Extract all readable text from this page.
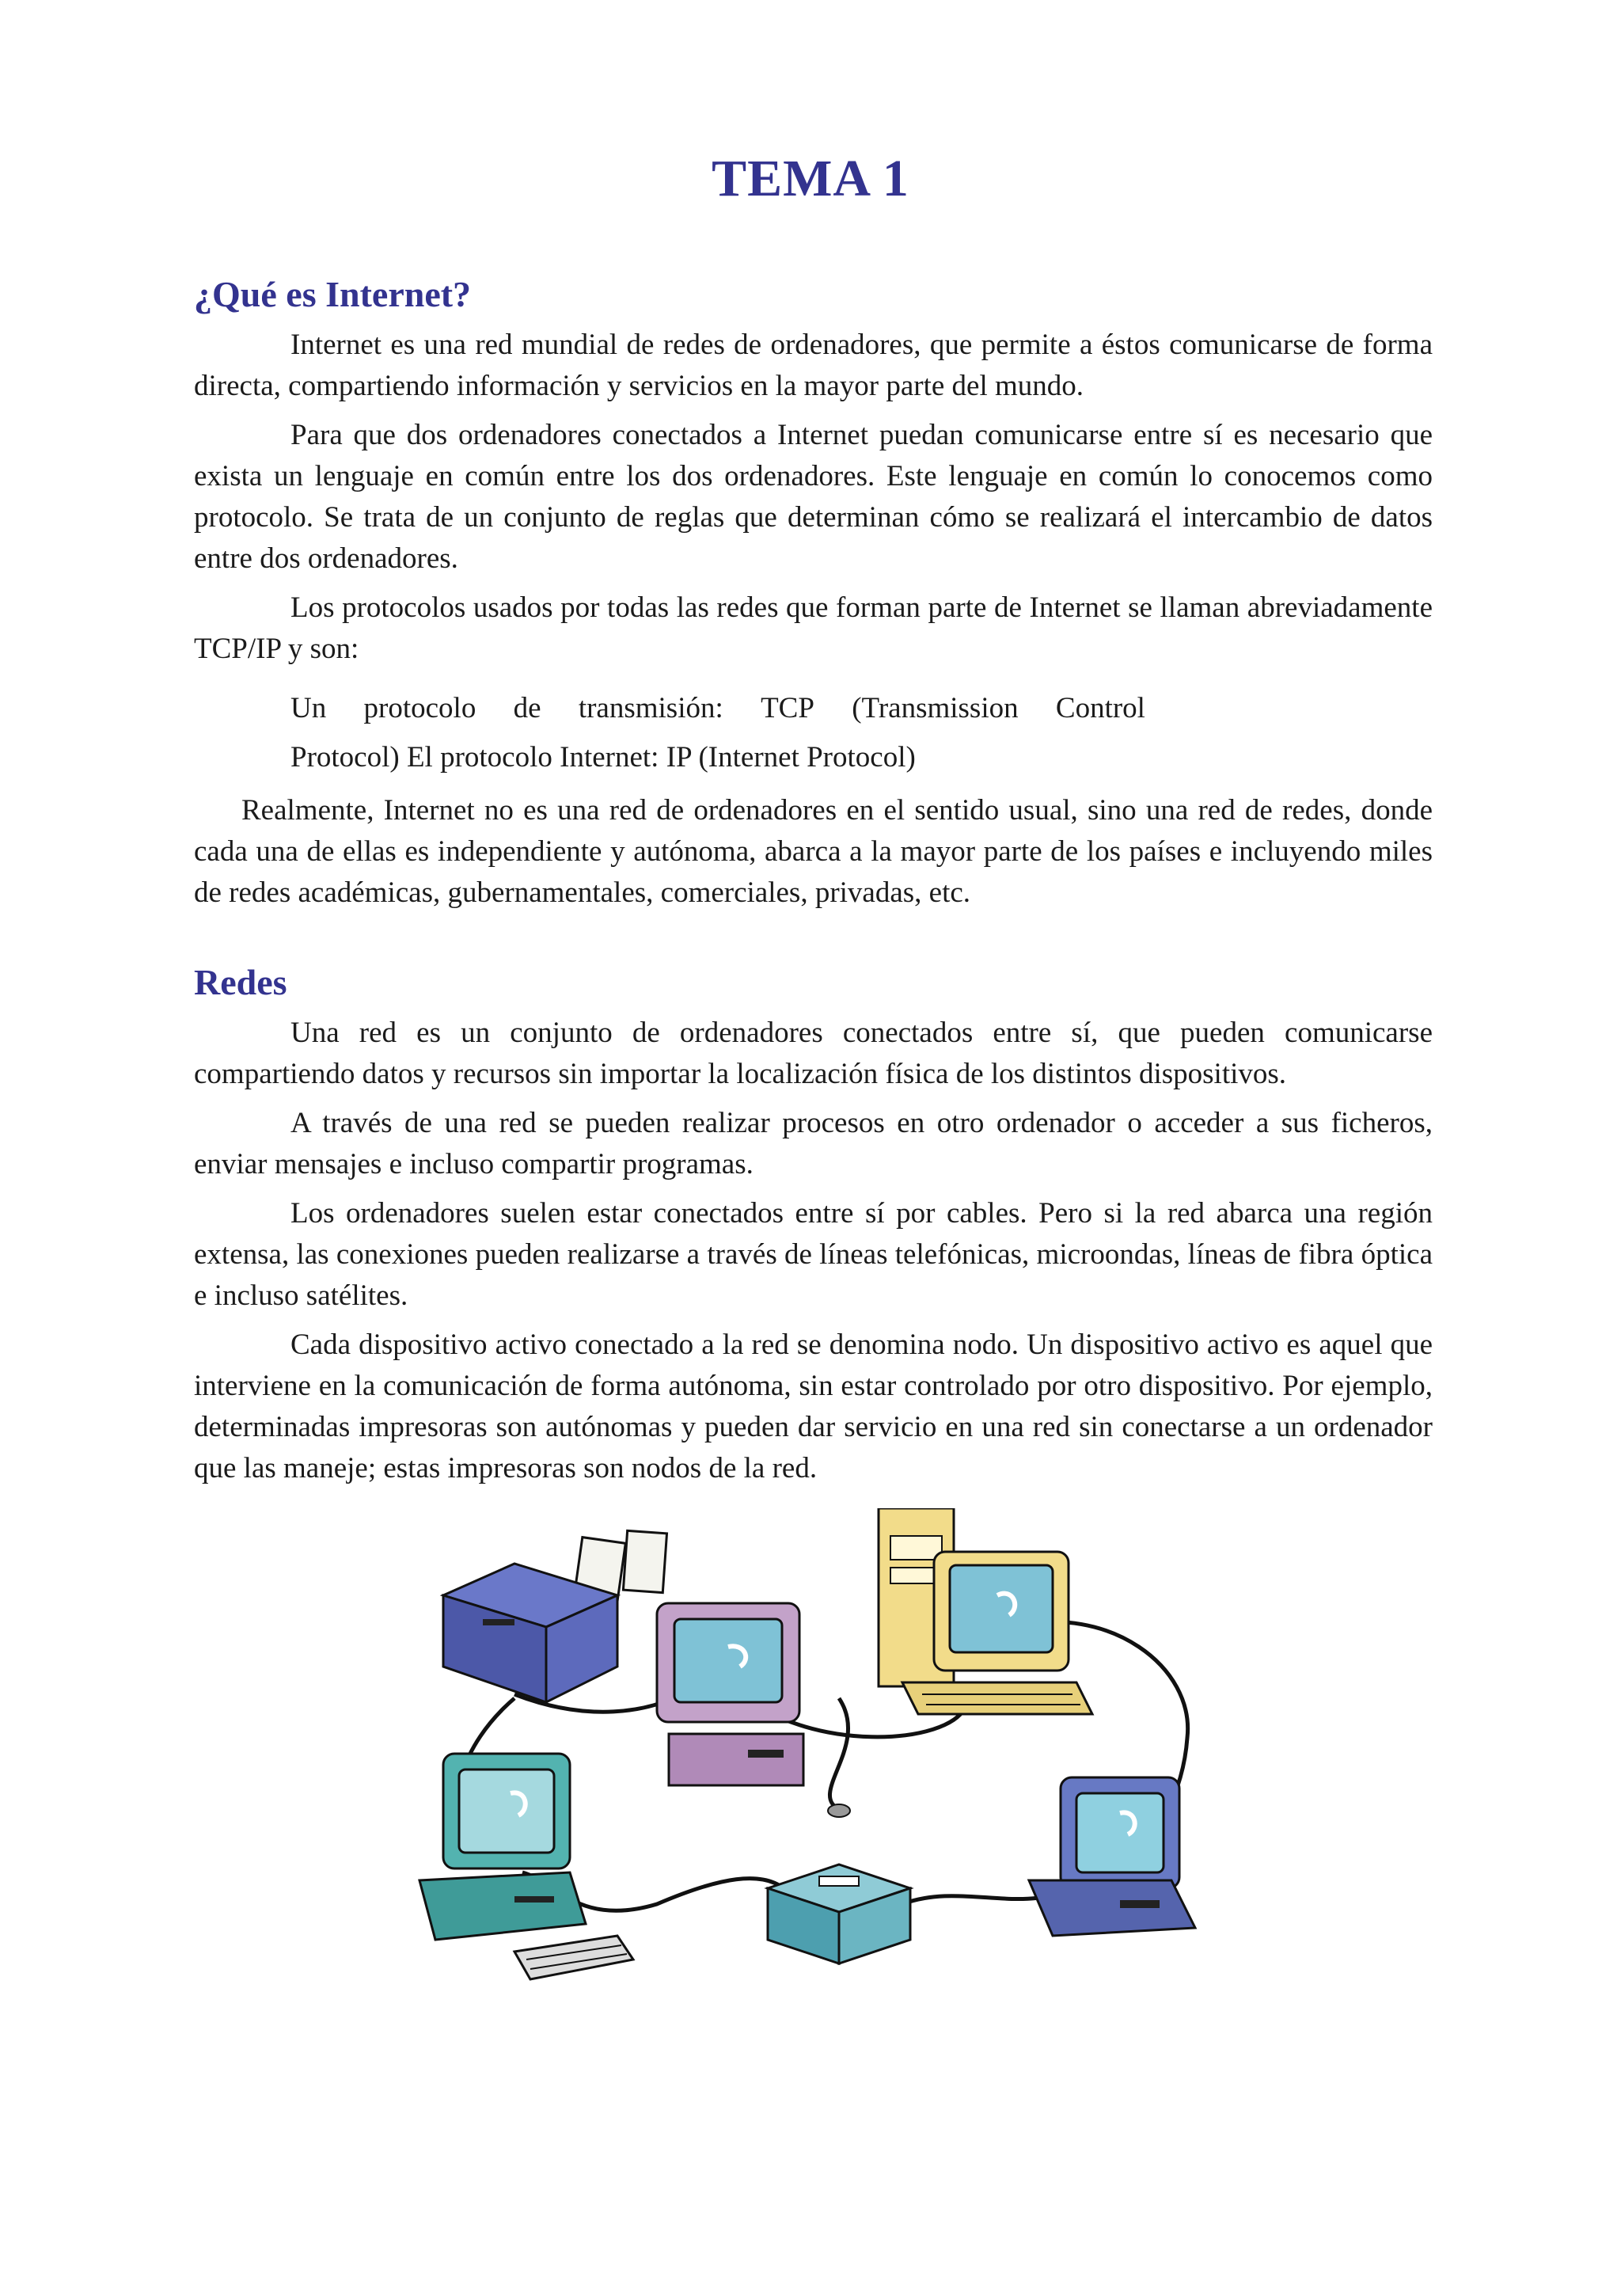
TEMA 1
¿Qué es Internet?

Internet es una red mundial de redes de ordenadores, que permite a éstos comunicarse de forma directa, compartiendo información y servicios en la mayor parte del mundo.

Para que dos ordenadores conectados a Internet puedan comunicarse entre sí es necesario que exista un lenguaje en común entre los dos ordenadores. Este lenguaje en común lo conocemos como protocolo. Se trata de un conjunto de reglas que determinan cómo se realizará el intercambio de datos entre dos ordenadores.

Los protocolos usados por todas las redes que forman parte de Internet se llaman abreviadamente TCP/IP y son:

Un protocolo de transmisión: TCP (Transmission Control
Protocol) El protocolo Internet: IP (Internet Protocol)

Realmente, Internet no es una red de ordenadores en el sentido usual, sino una red de redes, donde cada una de ellas es independiente y autónoma, abarca a la mayor parte de los países e incluyendo miles de redes académicas, gubernamentales, comerciales, privadas, etc.

Redes

Una red es un conjunto de ordenadores conectados entre sí, que pueden comunicarse compartiendo datos y recursos sin importar la localización física de los distintos dispositivos.

A través de una red se pueden realizar procesos en otro ordenador o acceder a sus ficheros, enviar mensajes e incluso compartir programas.

Los ordenadores suelen estar conectados entre sí por cables. Pero si la red abarca una región extensa, las conexiones pueden realizarse a través de líneas telefónicas, microondas, líneas de fibra óptica e incluso satélites.

Cada dispositivo activo conectado a la red se denomina nodo. Un dispositivo activo es aquel que interviene en la comunicación de forma autónoma, sin estar controlado por otro dispositivo. Por ejemplo, determinadas impresoras son autónomas y pueden dar servicio en una red sin conectarse a un ordenador que las maneje; estas impresoras son nodos de la red.
